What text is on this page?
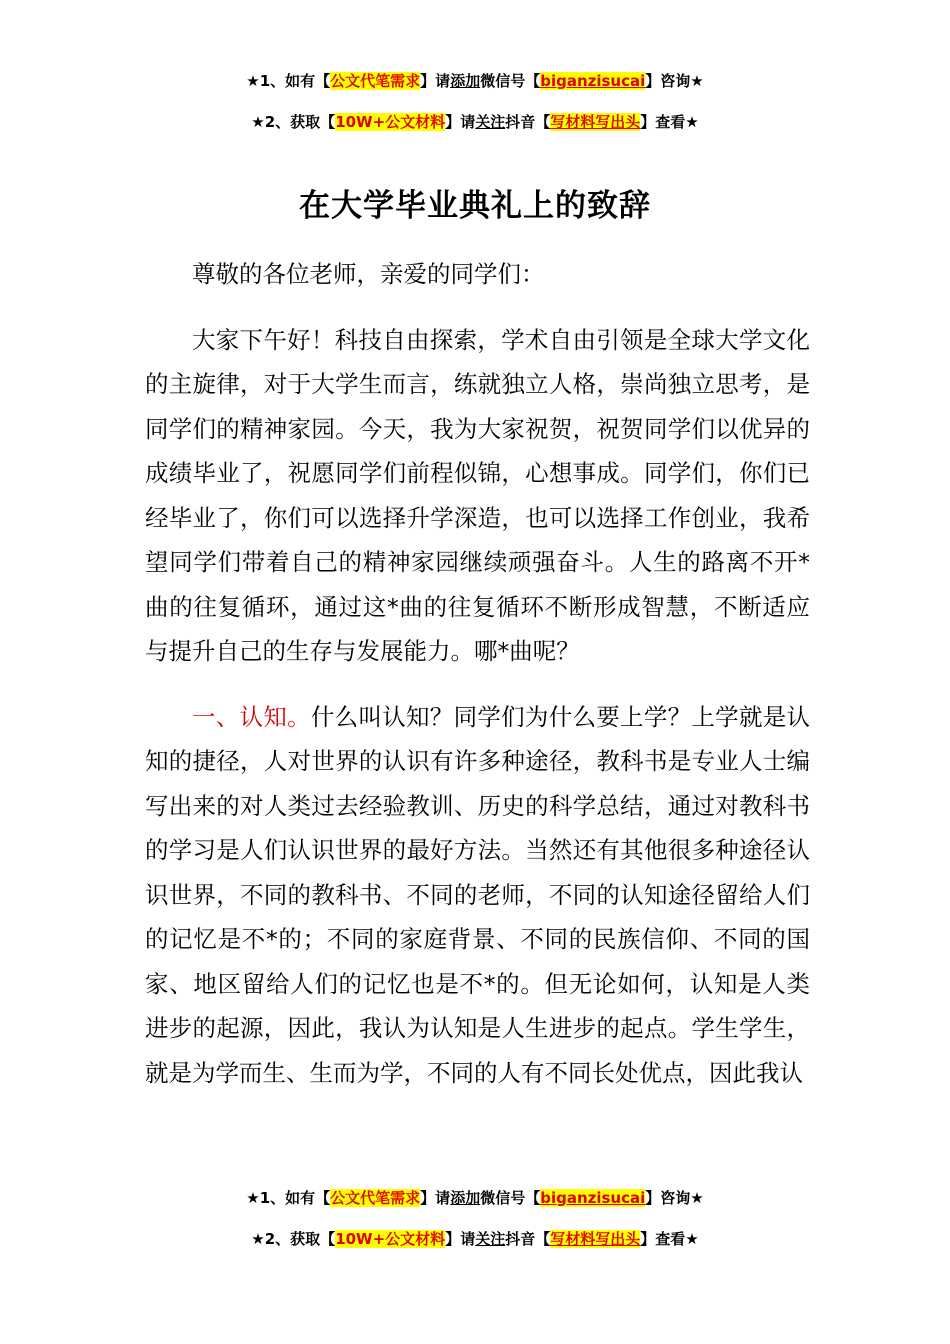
★1、如有【公文代笔需求】请添加微信号【biganzisucai】咨询★
★2、获取【10W+公文材料】请关注抖音【写材料写出头】查看★
在大学毕业典礼上的致辞

尊敬的各位老师，亲爱的同学们：

大家下午好！科技自由探索，学术自由引领是全球大学文化的主旋律，对于大学生而言，练就独立人格，崇尚独立思考，是同学们的精神家园。今天，我为大家祝贺，祝贺同学们以优异的成绩毕业了，祝愿同学们前程似锦，心想事成。同学们，你们已经毕业了，你们可以选择升学深造，也可以选择工作创业，我希望同学们带着自己的精神家园继续顽强奋斗。人生的路离不开*曲的往复循环，通过这*曲的往复循环不断形成智慧，不断适应与提升自己的生存与发展能力。哪*曲呢？

一、认知。什么叫认知？同学们为什么要上学？上学就是认知的捷径，人对世界的认识有许多种途径，教科书是专业人士编写出来的对人类过去经验教训、历史的科学总结，通过对教科书的学习是人们认识世界的最好方法。当然还有其他很多种途径认识世界，不同的教科书、不同的老师，不同的认知途径留给人们的记忆是不*的；不同的家庭背景、不同的民族信仰、不同的国家、地区留给人们的记忆也是不*的。但无论如何，认知是人类进步的起源，因此，我认为认知是人生进步的起点。学生学生，就是为学而生、生而为学，不同的人有不同长处优点，因此我认

★1、如有【公文代笔需求】请添加微信号【biganzisucai】咨询★
★2、获取【10W+公文材料】请关注抖音【写材料写出头】查看★
